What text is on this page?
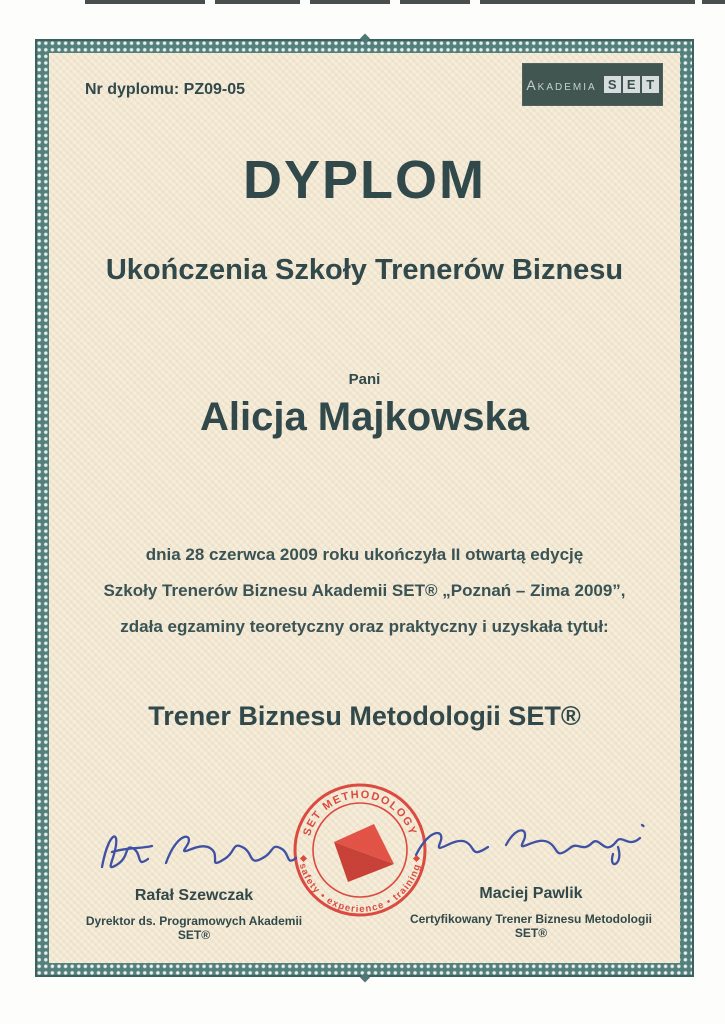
Nr dyplomu: PZ09-05	Akademia S E T
DYPLOM
Ukończenia Szkoły Trenerów Biznesu
Pani
Alicja Majkowska
dnia 28 czerwca 2009 roku ukończyła II otwartą edycję
Szkoły Trenerów Biznesu Akademii SET® „Poznań – Zima 2009”,
zdała egzaminy teoretyczny oraz praktyczny i uzyskała tytuł:
Trener Biznesu Metodologii SET®
SET METHODOLOGY
safety • experience • training
Rafał Szewczak
Dyrektor ds. Programowych Akademii SET®
Maciej Pawlik
Certyfikowany Trener Biznesu Metodologii SET®
